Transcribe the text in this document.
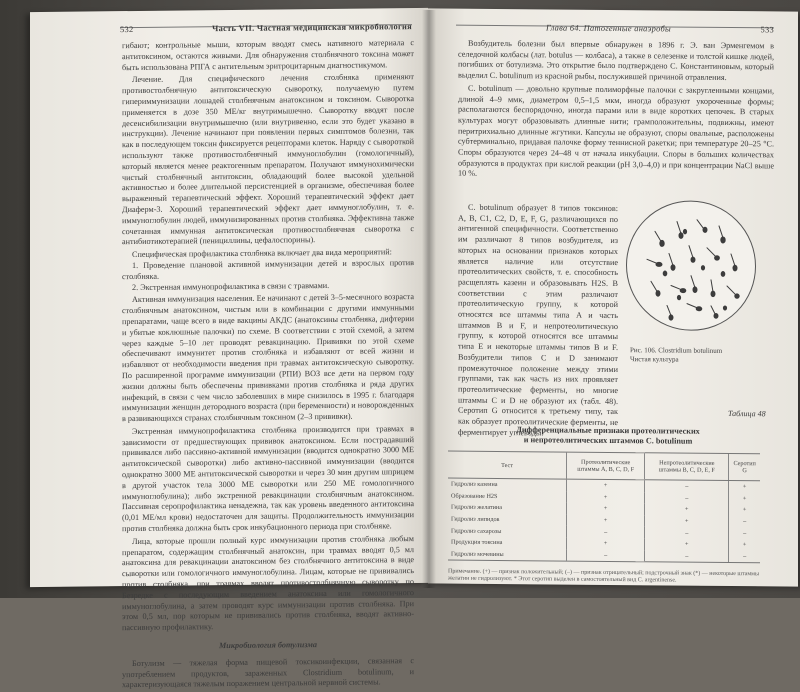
532	Часть VII. Частная медицинская микробиология

гибают; контрольные мыши, которым вводят смесь нативного материала с антитоксином, остаются живыми. Для обнаружения столбнячного токсина может быть использована РПГА с антительным эритроцитарным диагностикумом.

Лечение. Для специфического лечения столбняка применяют противостолбнячную антитоксическую сыворотку, получаемую путем гипериммунизации лошадей столбнячным анатоксином и токсином. Сыворотка применяется в дозе 350 МЕ/кг внутримышечно. Сыворотку вводят после десенсибилизации внутримышечно (или внутривенно, если это будет указано в инструкции). Лечение начинают при появлении первых симптомов болезни, так как в последующем токсин фиксируется рецепторами клеток. Наряду с сывороткой используют также противостолбнячный иммуноглобулин (гомологичный), который является менее реактогенным препаратом. Получают иммунохимически чистый столбнячный антитоксин, обладающий более высокой удельной активностью и более длительной персистенцией в организме, обеспечивая более выраженный терапевтический эффект. Хороший терапевтический эффект дает Диаферм-3. Хороший терапевтический эффект дает иммуноглобулин, т. е. иммуноглобулин людей, иммунизированных против столбняка. Эффективна также сочетанная иммунная антитоксическая противостолбнячная сыворотка с антибиотикотерапией (пенициллины, цефалоспорины).

Специфическая профилактика столбняка включает два вида мероприятий:

1. Проведение плановой активной иммунизации детей и взрослых против столбняка.

2. Экстренная иммунопрофилактика в связи с травмами.

Активная иммунизация населения. Ее начинают с детей 3–5-месячного возраста столбнячным анатоксином, чистым или в комбинации с другими иммунными препаратами, чаще всего в виде вакцины АКДС (анатоксины столбняка, дифтерии и убитые коклюшные палочки) по схеме. В соответствии с этой схемой, а затем через каждые 5–10 лет проводят ревакцинацию. Прививки по этой схеме обеспечивают иммунитет против столбняка и избавляют от всей жизни и избавляют от необходимости введения при травмах антитоксическую сыворотку. По расширенной программе иммунизации (РПИ) ВОЗ все дети на первом году жизни должны быть обеспечены прививками против столбняка и ряда других инфекций, в связи с чем число заболевших в мире снизилось в 1995 г. благодаря иммунизации женщин детородного возраста (при беременности) и новорожденных в развивающихся странах столбнячным токсином (2–3 прививки).

Экстренная иммунопрофилактика столбняка производится при травмах в зависимости от предшествующих прививок анатоксином. Если пострадавший прививался либо пассивно-активной иммунизации (вводится однократно 3000 МЕ антитоксической сыворотки) либо активно-пассивной иммунизации (вводится однократно 3000 МЕ антитоксической сыворотки и через 30 мин другим шприцем в другой участок тела 3000 МЕ сыворотки или 250 МЕ гомологичного иммуноглобулина); либо экстренной ревакцинации столбнячным анатоксином. Пассивная серопрофилактика ненадежна, так как уровень введенного антитоксина (0,01 МЕ/мл крови) недостаточен для защиты. Продолжительность иммунизации против столбняка должна быть срок инкубационного периода при столбняке.

Лица, которые прошли полный курс иммунизации против столбняка любым препаратом, содержащим столбнячный анатоксин, при травмах вводят 0,5 мл анатоксина для ревакцинации анатоксином без столбнячного антитоксина в виде сыворотки или гомологичного иммуноглобулина. Лицам, которые не прививались против столбняка, при травмах вводят противостолбнячную сыворотку по Безредке с последующим введением анатоксина или гомологичного иммуноглобулина, а затем проводят курс иммунизации против столбняка. При этом 0,5 мл, пор которым не прививались против столбняка, вводят активно-пассивную профилактику.

Микробиология ботулизма

Ботулизм — тяжелая форма пищевой токсикоинфекции, связанная с употреблением продуктов, зараженных Clostridium botulinum, и характеризующаяся тяжелым поражением центральной нервной системы.

Глава 64. Патогенные анаэробы	533

Возбудитель болезни был впервые обнаружен в 1896 г. Э. ван Эрменгемом в селедочной колбасы (лат. botulus — колбаса), а также в селезенке и толстой кишке людей, погибших от ботулизма. Это открытие было подтверждено С. Константиновым, который выделил C. botulinum из красной рыбы, послужившей причиной отравления.

C. botulinum — довольно крупные полиморфные палочки с закругленными концами, длиной 4–9 ммк, диаметром 0,5–1,5 мкм, иногда образуют укороченные формы; располагаются беспорядочно, иногда парами или в виде коротких цепочек. В старых культурах могут образовывать длинные нити; грамположительны, подвижны, имеют перитрихиально длинные жгутики. Капсулы не образуют, споры овальные, расположены субтерминально, придавая палочке форму теннисной ракетки; при температуре 20–25 °С. Споры образуются через 24–48 ч от начала инкубации. Споры в больших количествах образуются в продуктах при кислой реакции (рН 3,0–4,0) и при концентрации NaCl выше 10 %.

C. botulinum образует 8 типов токсинов: A, B, C1, C2, D, E, F, G, различающихся по антигенной специфичности. Соответственно им различают 8 типов возбудителя, из которых на основании признаков которых является наличие или отсутствие протеолитических свойств, т. е. способность расщеплять казеин и образовывать H2S. В соответствии с этим различают протеолитическую группу, к которой относятся все штаммы типа A и часть штаммов B и F, и непротеолитическую группу, к которой относятся все штаммы типа E и некоторые штаммы типов B и F. Возбудители типов C и D занимают промежуточное положение между этими группами, так как часть из них проявляет протеолитические ферменты, но многие штаммы C и D не образуют их (табл. 48). Серотип G относится к третьему типу, так как образует протеолитические ферменты, не ферментирует углеводы.

Рис. 106. Clostridium botulinum
Чистая культура
Таблица 48
Дифференциальные признаки протеолитических
и непротеолитических штаммов C. botulinum
Тест	Протеолитические штаммы A, B, C, D, F	Непротеолитические штаммы B, C, D, E, F	Серотип G
Гидролиз казеина	+	–	+
Образование H2S	+	–	+
Гидролиз желатина	+	+	+
Гидролиз липидов	+	+	–
Гидролиз сахарозы	–	–	–
Продукция токсина	+	+	+
Гидролиз мочевины	–	–	–
Примечание. (+) — признак положительный; (–) — признак отрицательный; подстрочный знак (*) — некоторые штаммы желатин не гидролизуют. * Этот серотип выделен в самостоятельный вид C. argentinense.
